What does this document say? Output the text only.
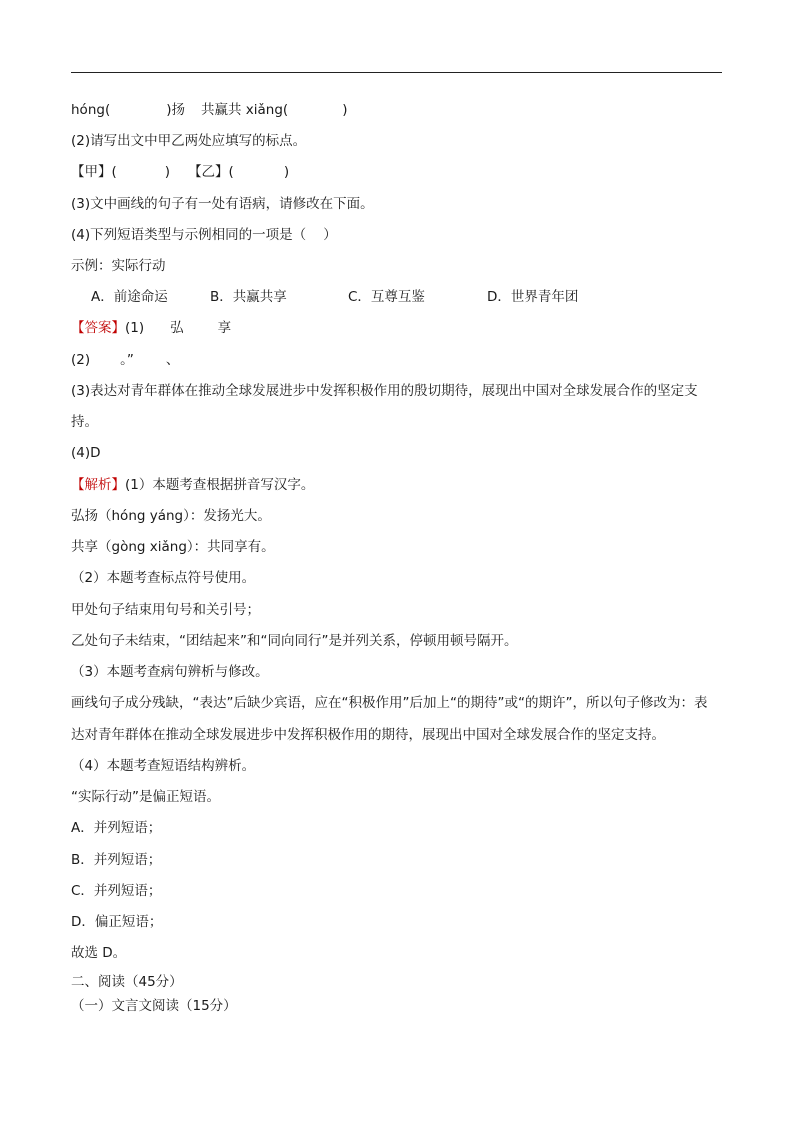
hóng(	)扬 共赢共 xiǎng(	)
(2)请写出文中甲乙两处应填写的标点。
【甲】(	) 【乙】(	)
(3)文中画线的句子有一处有语病，请修改在下面。
(4)下列短语类型与示例相同的一项是（    ）
示例：实际行动
A．前途命运	B．共赢共享	C．互尊互鉴	D．世界青年团
【答案】(1) 弘	享
(2) 。” 、
(3)表达对青年群体在推动全球发展进步中发挥积极作用的殷切期待，展现出中国对全球发展合作的坚定支
持。
(4)D
【解析】(1）本题考查根据拼音写汉字。
弘扬（hóng yáng）：发扬光大。
共享（gòng xiǎng）：共同享有。
（2）本题考查标点符号使用。
甲处句子结束用句号和关引号；
乙处句子未结束，“团结起来”和“同向同行”是并列关系，停顿用顿号隔开。
（3）本题考查病句辨析与修改。
画线句子成分残缺，“表达”后缺少宾语，应在“积极作用”后加上“的期待”或“的期许”，所以句子修改为：表
达对青年群体在推动全球发展进步中发挥积极作用的期待，展现出中国对全球发展合作的坚定支持。
（4）本题考查短语结构辨析。
“实际行动”是偏正短语。
A．并列短语；
B．并列短语；
C．并列短语；
D．偏正短语；
故选 D。
二、阅读（45分）
（一）文言文阅读（15分）
